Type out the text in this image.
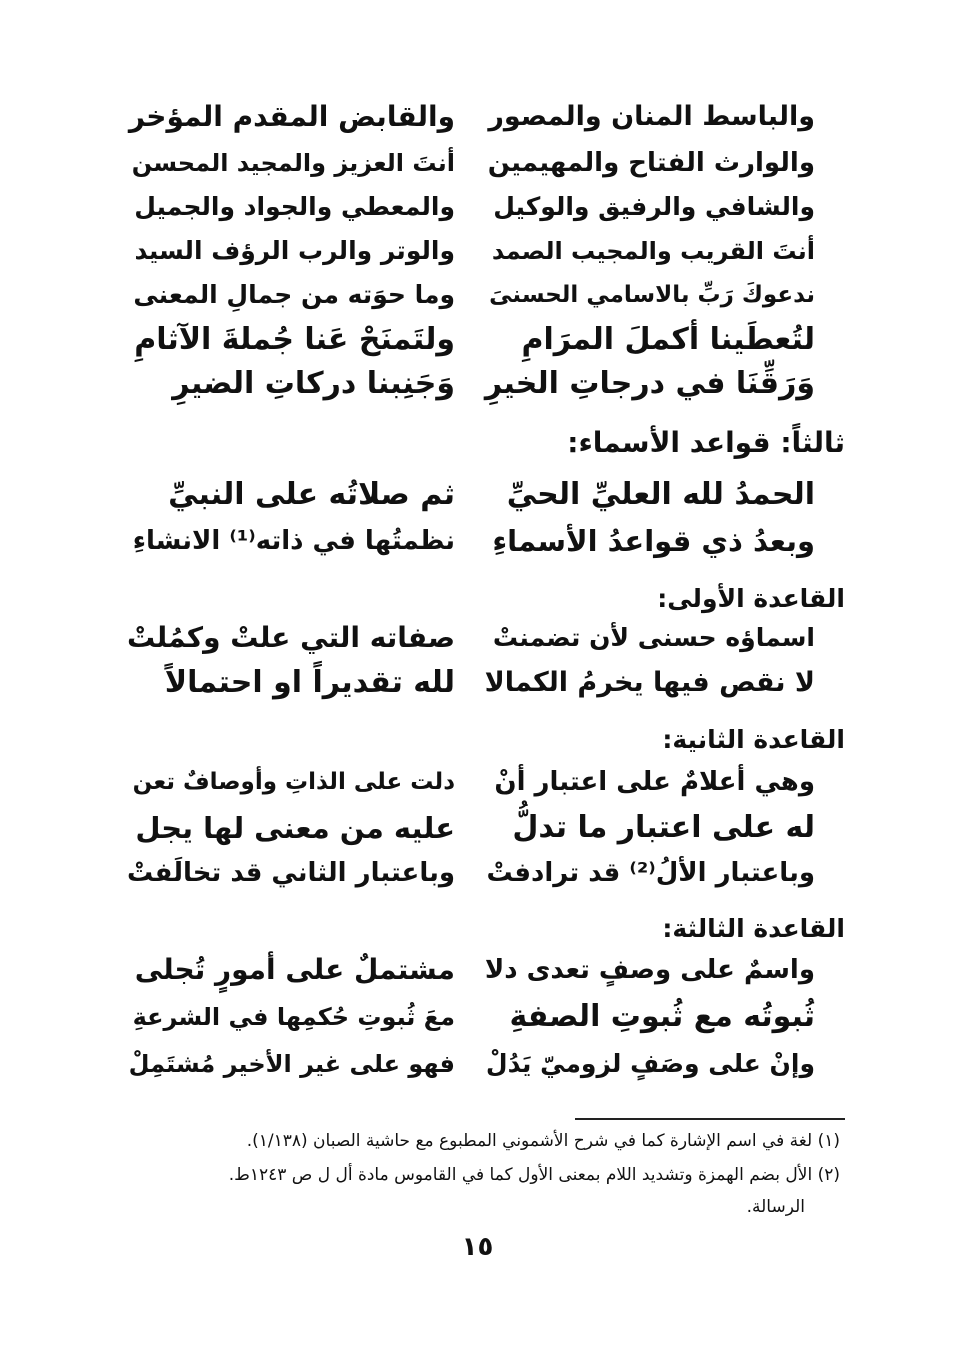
والباسط المنان والمصور
والقابض المقدم المؤخر
والوارث الفتاح والمهيمين
أنتَ العزيز والمجيد المحسن
والشافي والرفيق والوكيل
والمعطي والجواد والجميل
أنتَ القريب والمجيب الصمد
والوتر والرب الرؤف السيد
ندعوكَ رَبِّ بالاسامي الحسنىَ
وما حوَته من جمالِ المعنى
لتُعطَينا أكملَ المرَامِ
ولتَمنَحْ عَنا جُملةَ الآثامِ
وَرَقِّنَا في درجاتِ الخيرِ
وَجَنِبنا دركاتِ الضيرِ
ثالثاً: قواعد الأسماء:
الحمدُ لله العليِّ الحيِّ
ثم صلاتُه على النبيِّ
وبعدُ ذي قواعدُ الأسماءِ
نظمتُها في ذاته⁽¹⁾ الانشاءِ
القاعدة الأولى:
اسماؤه حسنى لأن تضمنتْ
صفاته التي علتْ وكمُلتْ
لا نقص فيها يخرمُ الكمالا
لله تقديراً او احتمالاً
القاعدة الثانية:
وهي أعلامٌ على اعتبار أنْ
دلت على الذاتِ وأوصافٌ تعن
له على اعتبار ما تدلُّ
عليه من معنى لها يجل
وباعتبار الألُ⁽²⁾ قد ترادفتْ
وباعتبار الثاني قد تخالَفتْ
القاعدة الثالثة:
واسمٌ على وصفٍ تعدى دلا
مشتملٌ على أمورٍ تُجلى
ثُبوتُه مع ثُبوتِ الصفةِ
معَ ثُبوتِ حُكمِها في الشرعةِ
وإنْ على وصَفٍ لزوميّ يَدُلْ
فهو على غير الأخير مُشتَمِلْ
(١) لغة في اسم الإشارة كما في شرح الأشموني المطبوع مع حاشية الصبان (١/١٣٨).
(٢) الأل بضم الهمزة وتشديد اللام بمعنى الأول كما في القاموس مادة أل ل ص ١٢٤٣ط.
الرسالة.
١٥
